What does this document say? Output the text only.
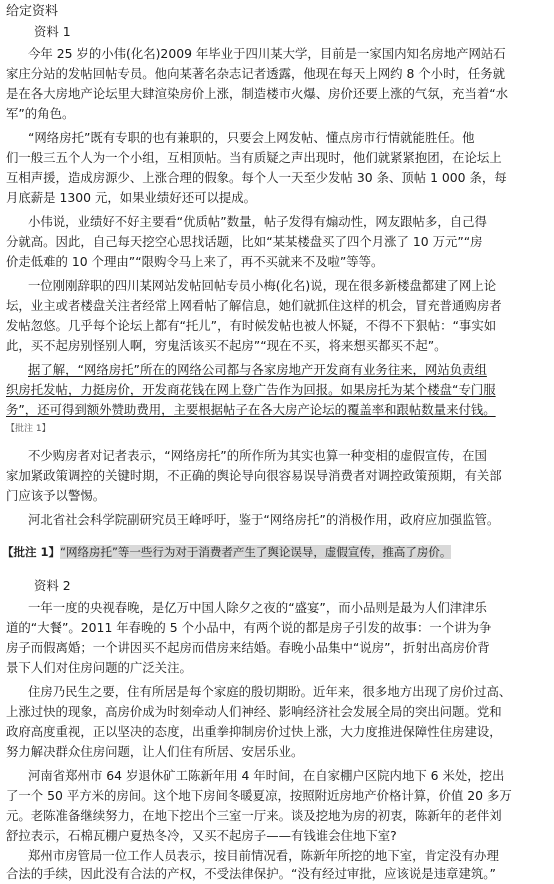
给定资料
资料 1
今年 25 岁的小伟(化名)2009 年毕业于四川某大学，目前是一家国内知名房地产网站石
家庄分站的发帖回帖专员。他向某著名杂志记者透露，他现在每天上网约 8 个小时，任务就
是在各大房地产论坛里大肆渲染房价上涨，制造楼市火爆、房价还要上涨的气氛，充当着“水
军”的角色。
“网络房托”既有专职的也有兼职的，只要会上网发帖、懂点房市行情就能胜任。他
们一般三五个人为一个小组，互相顶帖。当有质疑之声出现时，他们就紧紧抱团，在论坛上
互相声援，造成房源少、上涨合理的假象。每个人一天至少发帖 30 条、顶帖 1 000 条，每
月底薪是 1300 元，如果业绩好还可以提成。
小伟说，业绩好不好主要看“优质帖”数量，帖子发得有煽动性，网友跟帖多，自己得
分就高。因此，自己每天挖空心思找话题，比如“某某楼盘买了四个月涨了 10 万元”“房
价走低难的 10 个理由”“限购令马上来了，再不买就来不及啦”等等。
一位刚刚辞职的四川某网站发帖回帖专员小梅(化名)说，现在很多新楼盘都建了网上论
坛，业主或者楼盘关注者经常上网看帖了解信息，她们就抓住这样的机会，冒充普通购房者
发帖忽悠。几乎每个论坛上都有“托儿”，有时候发帖也被人怀疑，不得不下狠帖：“事实如
此，买不起房别怪别人啊，穷鬼活该买不起房”“现在不买，将来想买都买不起”。
据了解，“网络房托”所在的网络公司都与各家房地产开发商有业务往来，网站负责组
织房托发帖，力挺房价，开发商花钱在网上登广告作为回报。如果房托为某个楼盘“专门服
务”，还可得到额外赞助费用，主要根据帖子在各大房产论坛的覆盖率和跟帖数量来付钱。
【批注 1】
不少购房者对记者表示，“网络房托”的所作所为其实也算一种变相的虚假宣传，在国
家加紧政策调控的关键时期，不正确的舆论导向很容易误导消费者对调控政策预期，有关部
门应该予以警惕。
河北省社会科学院副研究员王峰呼吁，鉴于“网络房托”的消极作用，政府应加强监管。
【批注 1】“网络房托”等一些行为对于消费者产生了舆论误导，虚假宣传，推高了房价。
资料 2
一年一度的央视春晚，是亿万中国人除夕之夜的“盛宴”，而小品则是最为人们津津乐
道的“大餐”。2011 年春晚的 5 个小品中，有两个说的都是房子引发的故事：一个讲为争
房子而假离婚；一个讲因买不起房而借房来结婚。春晚小品集中“说房”，折射出高房价背
景下人们对住房问题的广泛关注。
住房乃民生之要，住有所居是每个家庭的殷切期盼。近年来，很多地方出现了房价过高、
上涨过快的现象，高房价成为时刻牵动人们神经、影响经济社会发展全局的突出问题。党和
政府高度重视，正以坚决的态度，出重拳抑制房价过快上涨，大力度推进保障性住房建设，
努力解决群众住房问题，让人们住有所居、安居乐业。
河南省郑州市 64 岁退休矿工陈新年用 4 年时间，在自家棚户区院内地下 6 米处，挖出
了一个 50 平方米的房间。这个地下房间冬暖夏凉，按照附近房地产价格计算，价值 20 多万
元。老陈准备继续努力，在地下挖出个三室一厅来。谈及挖地为房的初衷，陈新年的老伴刘
舒拉表示，石棉瓦棚户夏热冬冷，又买不起房子——有钱谁会住地下室?
郑州市房管局一位工作人员表示，按目前情况看，陈新年所挖的地下室，肯定没有办理
合法的手续，因此没有合法的产权，不受法律保护。“没有经过审批，应该说是违章建筑。”
